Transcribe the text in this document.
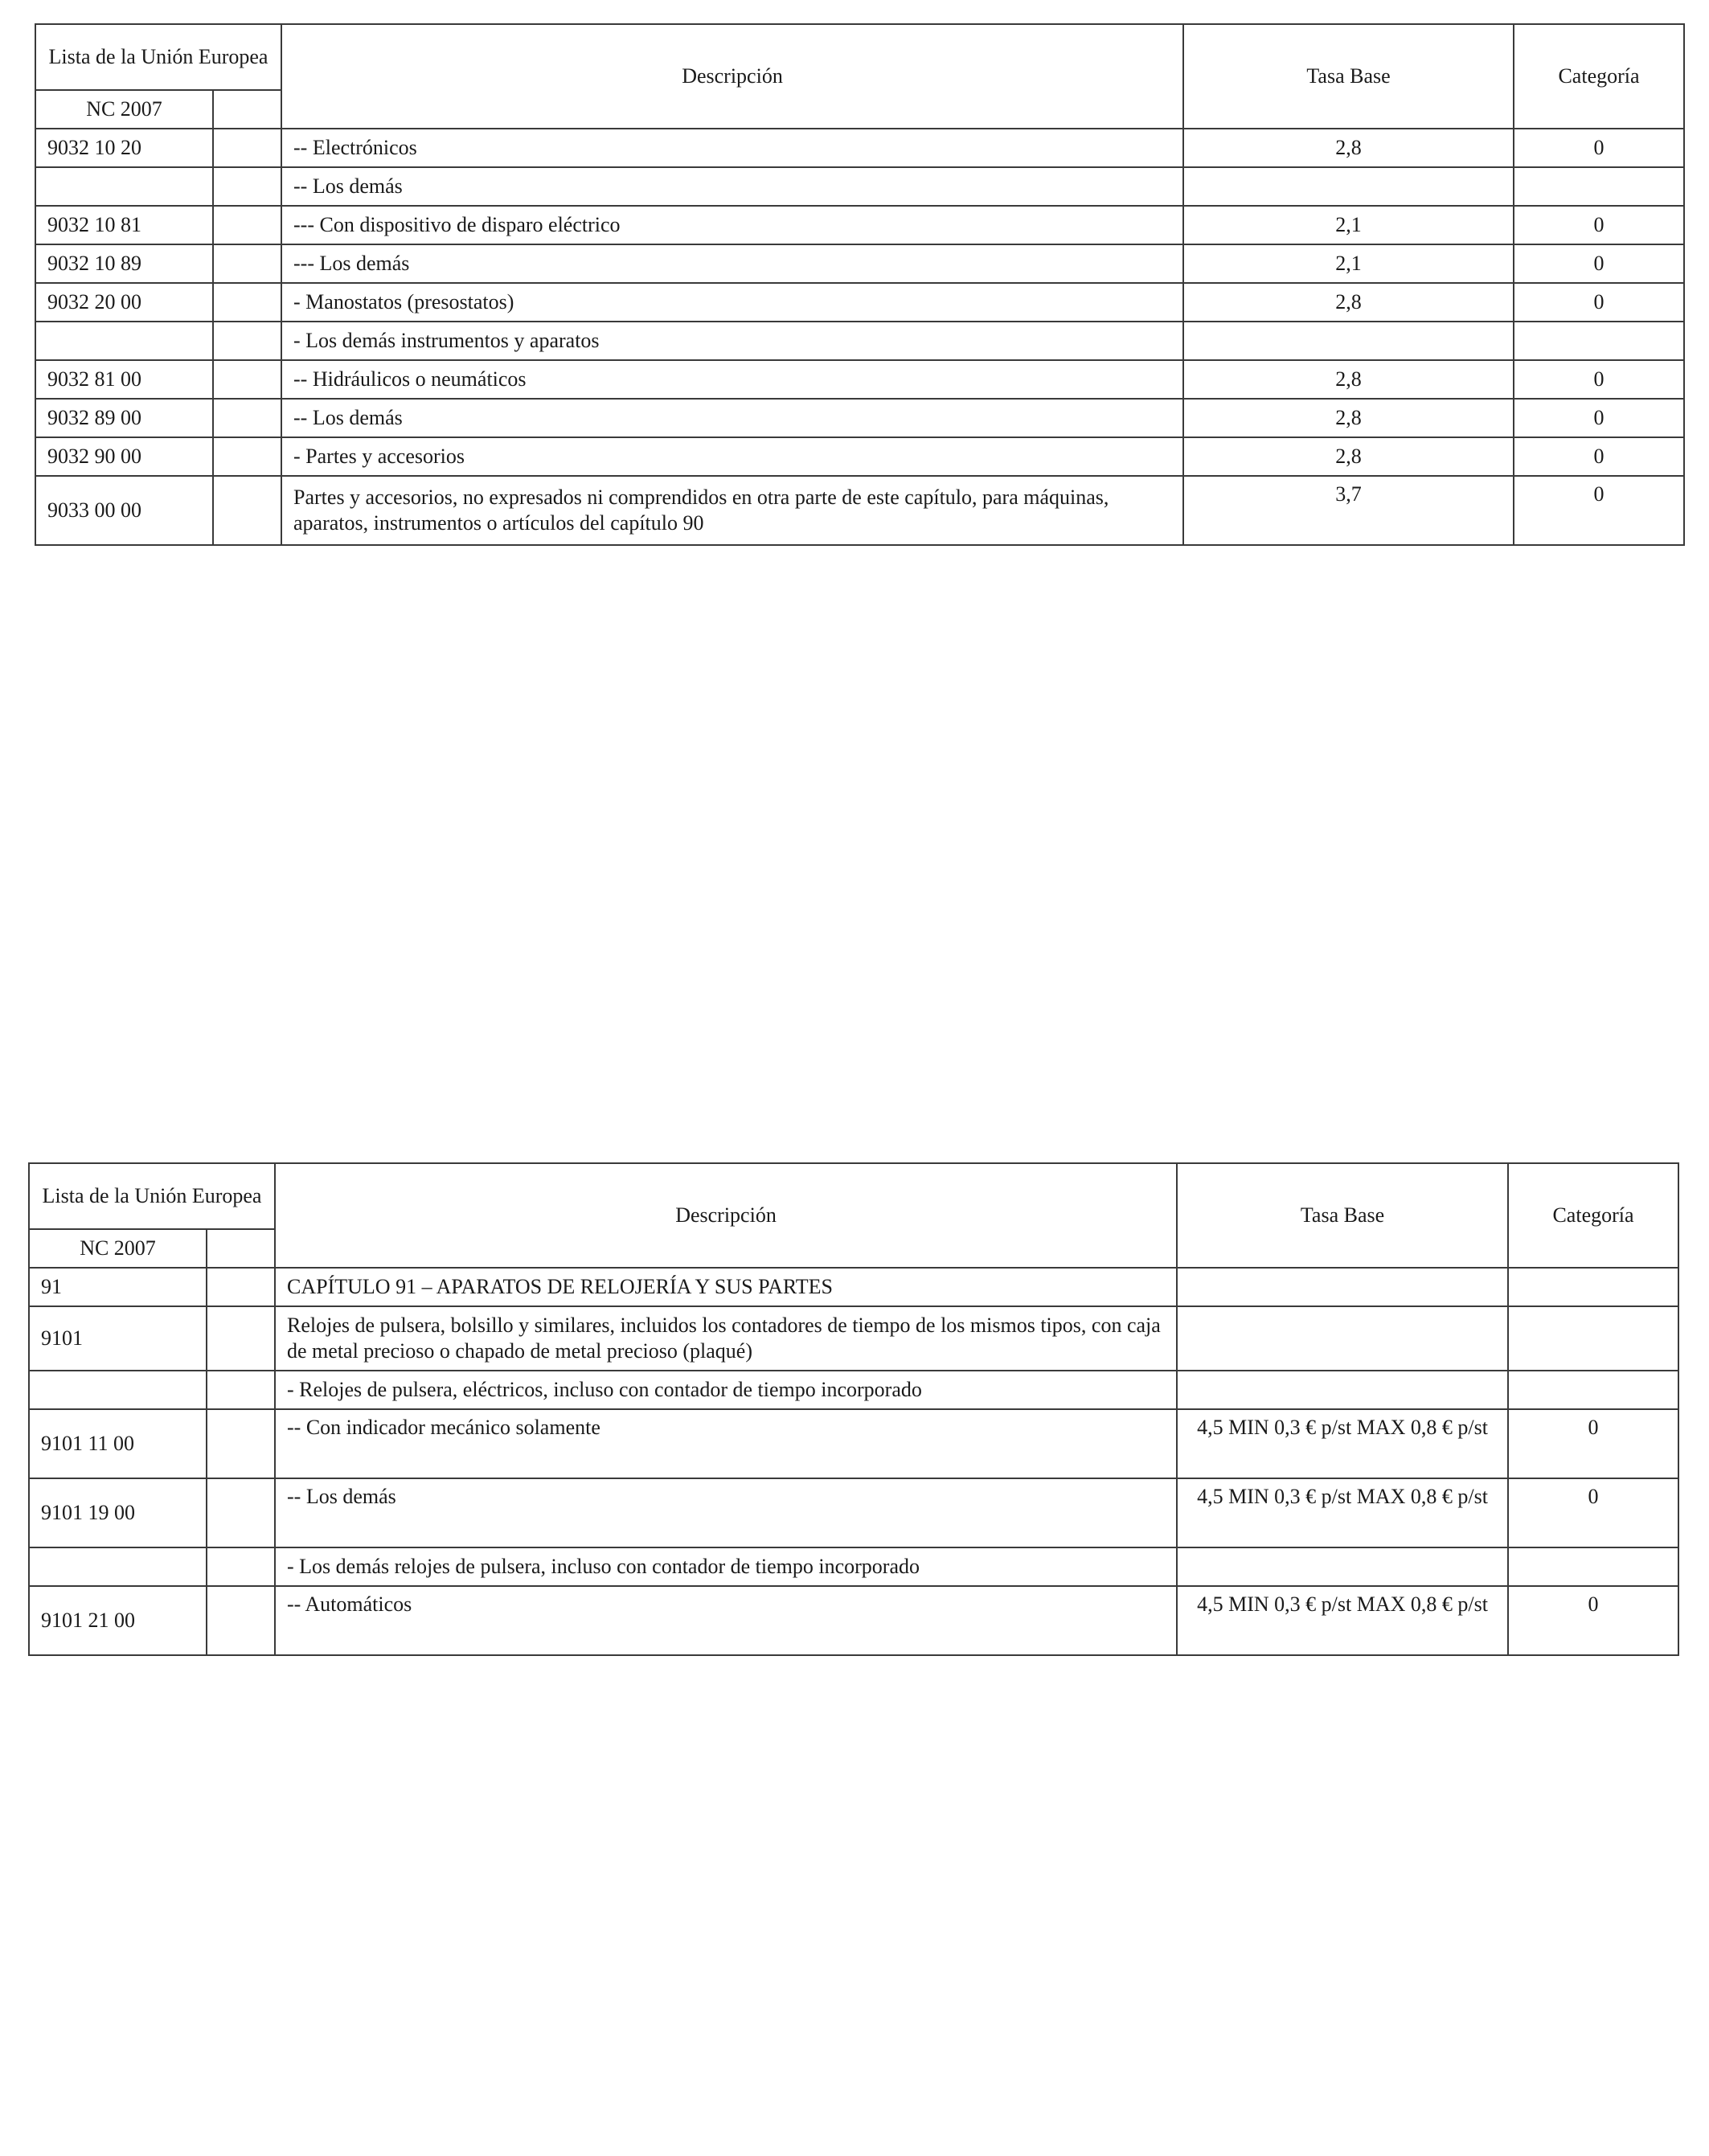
Lista de la Unión Europea		Descripción	Tasa Base	Categoría
NC 2007				
9032 10 20		-- Electrónicos	2,8	0
		-- Los demás		
9032 10 81		--- Con dispositivo de disparo eléctrico	2,1	0
9032 10 89		--- Los demás	2,1	0
9032 20 00		- Manostatos (presostatos)	2,8	0
		- Los demás instrumentos y aparatos		
9032 81 00		-- Hidráulicos o neumáticos	2,8	0
9032 89 00		-- Los demás	2,8	0
9032 90 00		- Partes y accesorios	2,8	0
9033 00 00		Partes y accesorios, no expresados ni comprendidos en otra parte de este capítulo, para máquinas, aparatos, instrumentos o artículos del capítulo 90	3,7	0
Lista de la Unión Europea		Descripción	Tasa Base	Categoría
NC 2007				
91		CAPÍTULO 91 – APARATOS DE RELOJERÍA Y SUS PARTES		
9101		Relojes de pulsera, bolsillo y similares, incluidos los contadores de tiempo de los mismos tipos, con caja de metal precioso o chapado de metal precioso (plaqué)		
		- Relojes de pulsera, eléctricos, incluso con contador de tiempo incorporado		
9101 11 00		-- Con indicador mecánico solamente	4,5 MIN 0,3 € p/st MAX 0,8 € p/st	0
9101 19 00		-- Los demás	4,5 MIN 0,3 € p/st MAX 0,8 € p/st	0
		- Los demás relojes de pulsera, incluso con contador de tiempo incorporado		
9101 21 00		-- Automáticos	4,5 MIN 0,3 € p/st MAX 0,8 € p/st	0
